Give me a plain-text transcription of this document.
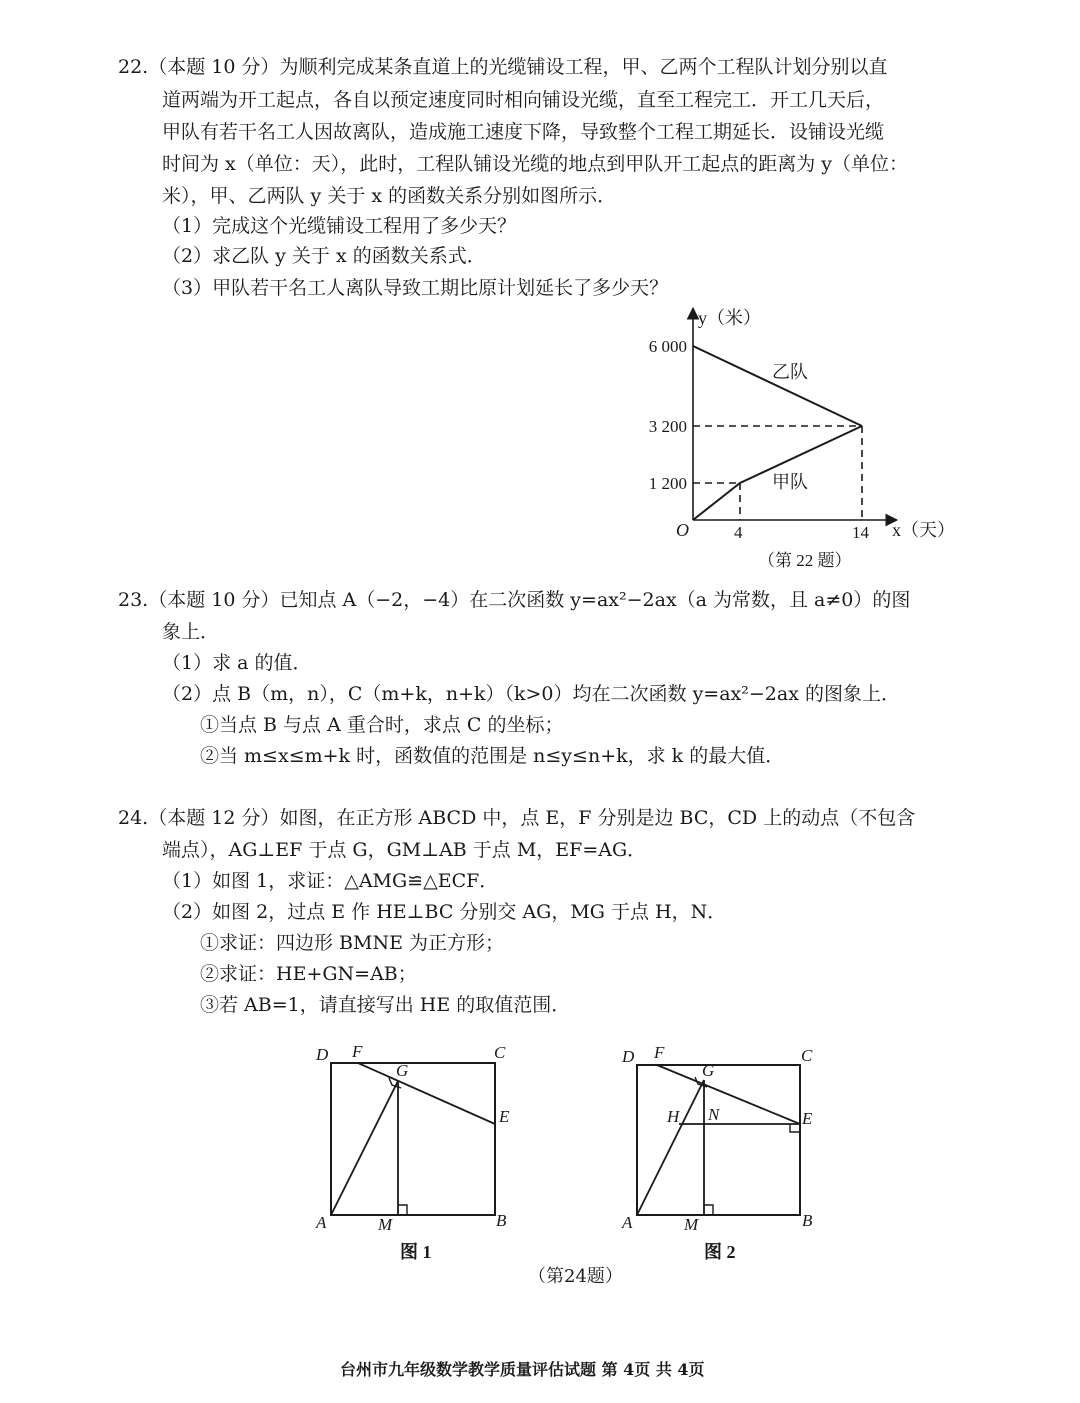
22.（本题 10 分）为顺利完成某条直道上的光缆铺设工程，甲、乙两个工程队计划分别以直
道两端为开工起点，各自以预定速度同时相向铺设光缆，直至工程完工．开工几天后，
甲队有若干名工人因故离队，造成施工速度下降，导致整个工程工期延长．设铺设光缆
时间为 x（单位：天），此时，工程队铺设光缆的地点到甲队开工起点的距离为 y（单位：
米），甲、乙两队 y 关于 x 的函数关系分别如图所示．
（1）完成这个光缆铺设工程用了多少天？
（2）求乙队 y 关于 x 的函数关系式．
（3）甲队若干名工人离队导致工期比原计划延长了多少天？
y（米）
6 000
3 200
1 200
O	4	14 x（天）
乙队
甲队
（第 22 题）
23.（本题 10 分）已知点 A（−2，−4）在二次函数 y=ax²−2ax（a 为常数，且 a≠0）的图
象上．
（1）求 a 的值．
（2）点 B（m，n），C（m+k，n+k）（k>0）均在二次函数 y=ax²−2ax 的图象上．
①当点 B 与点 A 重合时，求点 C 的坐标；
②当 m≤x≤m+k 时，函数值的范围是 n≤y≤n+k，求 k 的最大值．
24.（本题 12 分）如图，在正方形 ABCD 中，点 E，F 分别是边 BC，CD 上的动点（不包含
端点），AG⊥EF 于点 G，GM⊥AB 于点 M，EF=AG．
（1）如图 1，求证：△AMG≌△ECF．
（2）如图 2，过点 E 作 HE⊥BC 分别交 AG，MG 于点 H，N．
①求证：四边形 BMNE 为正方形；
②求证：HE+GN=AB；
③若 AB=1，请直接写出 HE 的取值范围．
D F	C
G
E
A	M	B
图 1
D F	C
G
H N	E
A	M	B
图 2
（第24题）
台州市九年级数学教学质量评估试题 第 4页 共 4页
